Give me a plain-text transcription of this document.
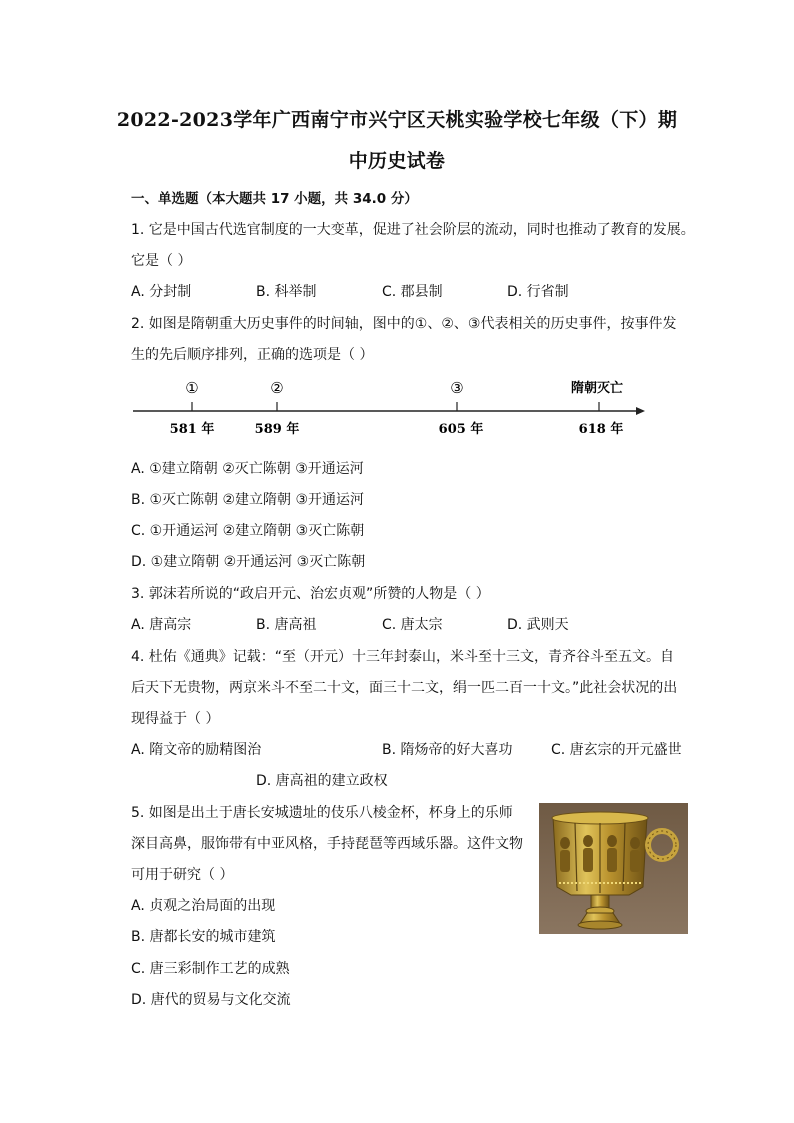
2022-2023学年广西南宁市兴宁区天桃实验学校七年级（下）期
中历史试卷
一、单选题（本大题共 17 小题，共 34.0 分）
1. 它是中国古代选官制度的一大变革，促进了社会阶层的流动，同时也推动了教育的发展。
它是（ ）
A. 分封制	B. 科举制	C. 郡县制	D. 行省制
2. 如图是隋朝重大历史事件的时间轴，图中的①、②、③代表相关的历史事件，按事件发
生的先后顺序排列，正确的选项是（ ）
①	②	③	隋朝灭亡
581 年	589 年	605 年	618 年
A. ①建立隋朝 ②灭亡陈朝 ③开通运河
B. ①灭亡陈朝 ②建立隋朝 ③开通运河
C. ①开通运河 ②建立隋朝 ③灭亡陈朝
D. ①建立隋朝 ②开通运河 ③灭亡陈朝
3. 郭沫若所说的“政启开元、治宏贞观”所赞的人物是（ ）
A. 唐高宗	B. 唐高祖	C. 唐太宗	D. 武则天
4. 杜佑《通典》记载：“至（开元）十三年封泰山，米斗至十三文，青齐谷斗至五文。自
后天下无贵物，两京米斗不至二十文，面三十二文，绢一匹二百一十文。”此社会状况的出
现得益于（ ）
A. 隋文帝的励精图治	B. 隋炀帝的好大喜功	C. 唐玄宗的开元盛世
D. 唐高祖的建立政权
5. 如图是出土于唐长安城遗址的伎乐八棱金杯，杯身上的乐师
深目高鼻，服饰带有中亚风格，手持琵琶等西域乐器。这件文物
可用于研究（ ）
A. 贞观之治局面的出现
B. 唐都长安的城市建筑
C. 唐三彩制作工艺的成熟
D. 唐代的贸易与文化交流
